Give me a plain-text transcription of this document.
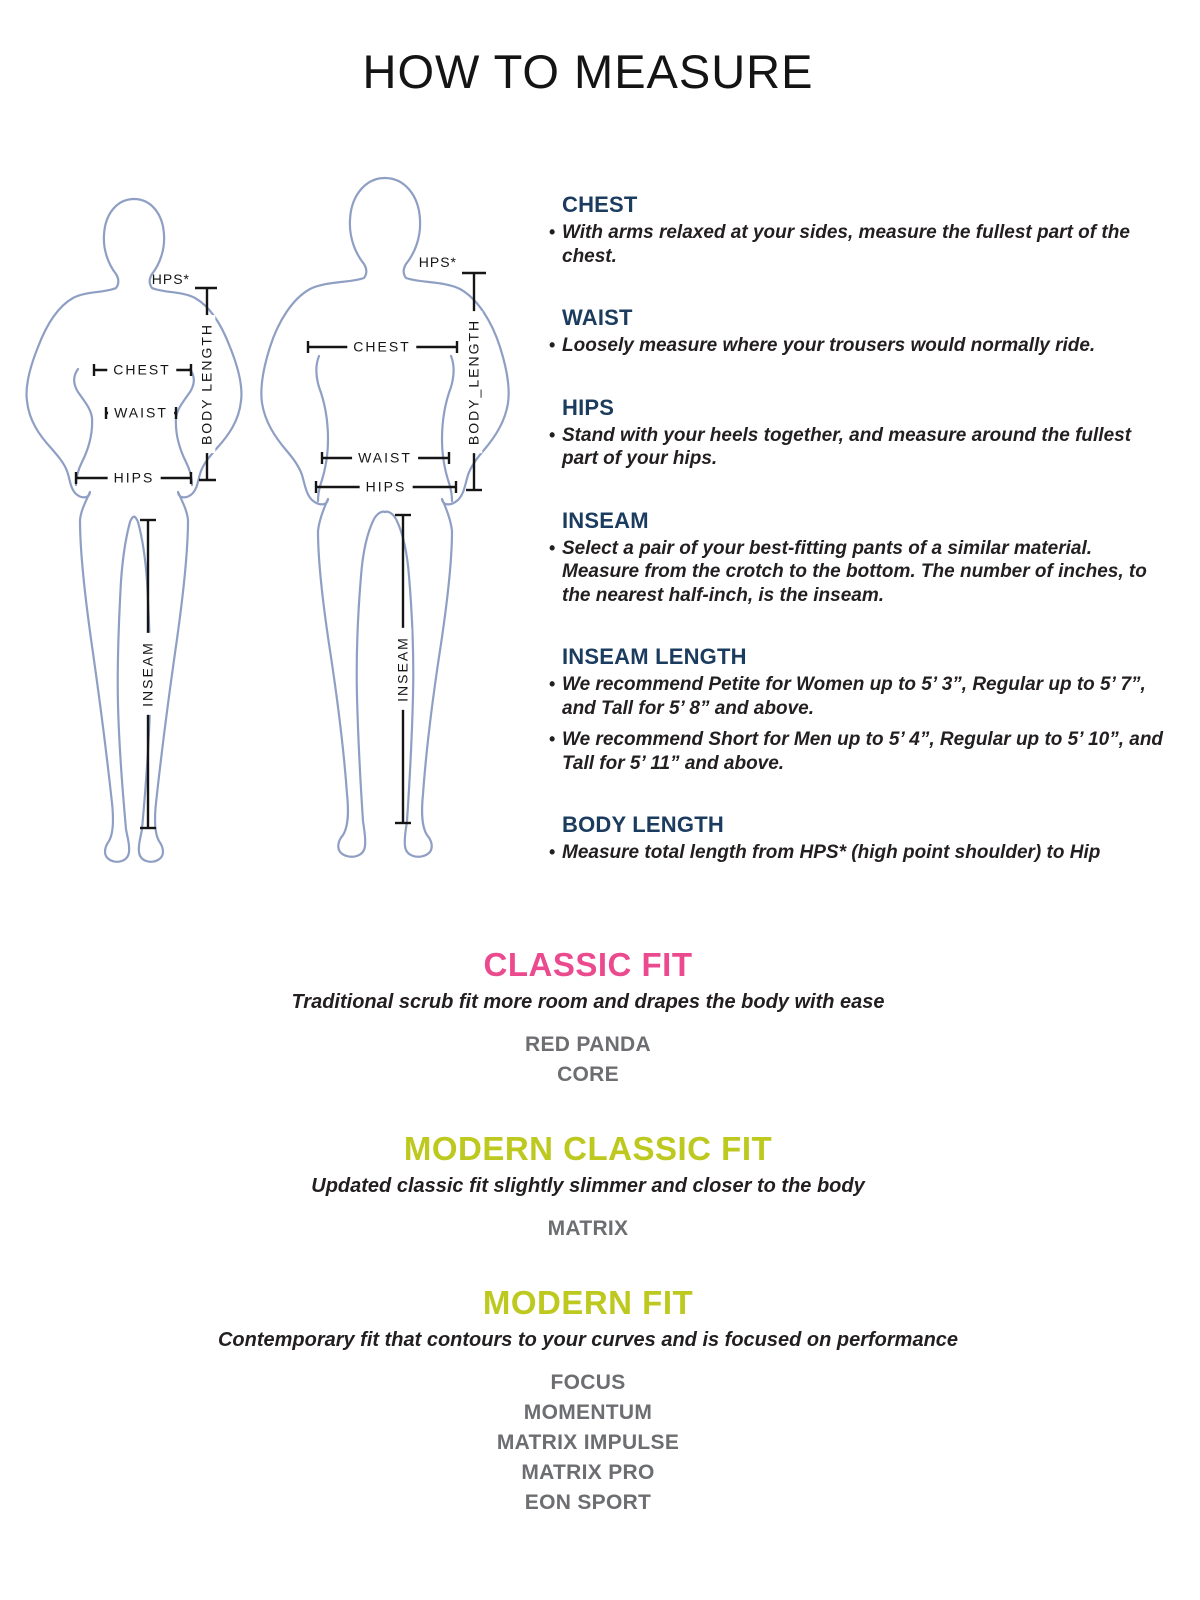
HOW TO MEASURE
HPS*
CHEST
WAIST
HIPS
BODY LENGTH
INSEAM
HPS*
CHEST
WAIST
HIPS
BODY_LENGTH
INSEAM
CHEST
• With arms relaxed at your sides, measure the fullest part of the chest.
WAIST
• Loosely measure where your trousers would normally ride.
HIPS
• Stand with your heels together, and measure around the fullest part of your hips.
INSEAM
• Select a pair of your best-fitting pants of a similar material. Measure from the crotch to the bottom. The number of inches, to the nearest half-inch, is the inseam.
INSEAM LENGTH
• We recommend Petite for Women up to 5’ 3”, Regular up to 5’ 7”, and Tall for 5’ 8” and above.
• We recommend Short for Men up to 5’ 4”, Regular up to 5’ 10”, and Tall for 5’ 11” and above.
BODY LENGTH
• Measure total length from HPS* (high point shoulder) to Hip
CLASSIC FIT

Traditional scrub fit more room and drapes the body with ease

RED PANDA
CORE
MODERN CLASSIC FIT

Updated classic fit slightly slimmer and closer to the body

MATRIX
MODERN FIT

Contemporary fit that contours to your curves and is focused on performance

FOCUS
MOMENTUM
MATRIX IMPULSE
MATRIX PRO
EON SPORT
